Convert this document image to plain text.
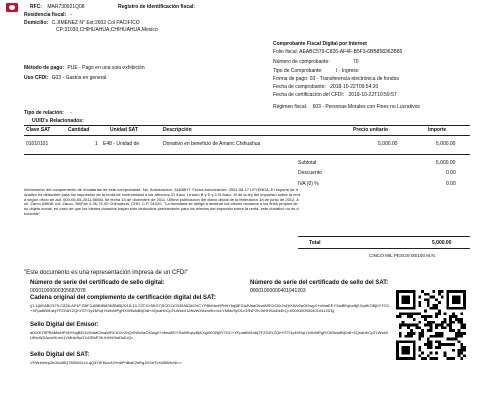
RFC: MAR730921Q08	Registro de identificación fiscal:
Residencia fiscal: -
Domicilio: C.JIMENEZ N° Ext:2602 Col PACIFICO
CP:31030,CHIHUAHUA,CHIHUAHUA,Mexico
Comprobante Fiscal Digital por Internet
Folio fiscal: AEABC579-C826-AF4F-B5F3-6BB858362B85
Número de comprobante:	70
Tipo de Comprobante:	I - Ingreso
Forma de pago: 03 - Transferencia electrónica de fondos
Fecha de comprobante: 2018-10-22T09:54:20
Fecha de certificación del CFDI: 2018-10-22T10:59:57
Régimen fiscal: 603 - Personas Morales con Fines no Lucrativos
Método de pago: PUE - Pago en una sola exhibición
Uso CFDI: G03 - Gastos en general
Tipo de relación: -
UUID's Relacionados:
Clave SAT	Cantidad	Unidad SAT	Descripción	Precio unitario	Importe
01010101	1 E48 - Unidad de	Donativo en beneficio de Amanc Chihuahua	5,000.00	5,000.00
Subtotal	5,000.00
Descuento	0.00
IVA (0) %	0.00
Información del complemento de donatarias de este comprobante: No. Autorización: 24838HT. Fecha Autorización: 2001-08-17 LEYENDA: El importe de donativo es deducible para los impuestos de la renta de conformidad a los artículos 31 fracc. I inciso B y D y 176 fracc. III de la ley del impuesto sobre la renta según oficio de aut. 600-06-05-2011-56081 de fecha 16 de diciembre de 2011. Ultima publicación del diario oficial de la federación 18 de junio de 2012. Ave. Zarco #3808, col. Zarco, Tel/Fax 4-36-74-00 Chihuahua, CHH. C.P. 31020. "La donataria se obliga a destinar los bienes donados a los fines propios de su objeto social, en caso de que los bienes donados hayan sido deducidos previamente para los efectos del impuesto sobre la renta, este donativo no es deducible"
Total	5,000.00
CINCO MIL PESOS 00/100 M.N.
"Este documento es una representación impresa de un CFDI"
Número de serie del certificado de sello digital:
00001000000305687078
Número de serie del certificado de sello del SAT:
00001000000401041203
Cadena original del complemento de certificación digital del SAT:
||1.1|AEABC579-C826-AF4F-B5F3-6BB858362B85|2018-10-22T10:59:57|SCD110330A62|i0/VCYPBhMwHPhNYbgBEGo9VaaOtnaWRCtOXr2nQtXWv0aOfJwgX+cfmaEEYSwBEqhzBjKXqrfKOBj0Y7GC+XFpat6WLsbjTFZG8YZQhYSTGy4MYqiYi40xMPgRXW5zk8BjOdf+4QnaHhCpTLWsbXUtNvWXAzm9Lmx1YMhb/9yO1rGRsP2KJnHHSiaDkErQ=0000100000401041203||
Sello Digital del Emisor:
aDiXKY5PBhMwHPhNYbgBEGo9VaaOtnaWRCtOXr2nQtXWv0aOfJwgX+cfmaEEYSwBEqhzBjKXqrfKOBj0Y7GC+XFpat6WLsbjTFZG8YZQhYSTGy4MYqiYi40xMPgRXW5zk8BjOdf+4QnaHhCpTLWsbXUtNvWXAzm9Lmx1YMhb/9yO1rGRsP2KJnHHSiaDkErQ=
Sello Digital del SAT:
VHWzNdrp2kG6uf8Q7M0W1LhLqQ3YtEf4zcAlYm6PnBwK2sRgJ9OaTvXe5i8HcNl==
